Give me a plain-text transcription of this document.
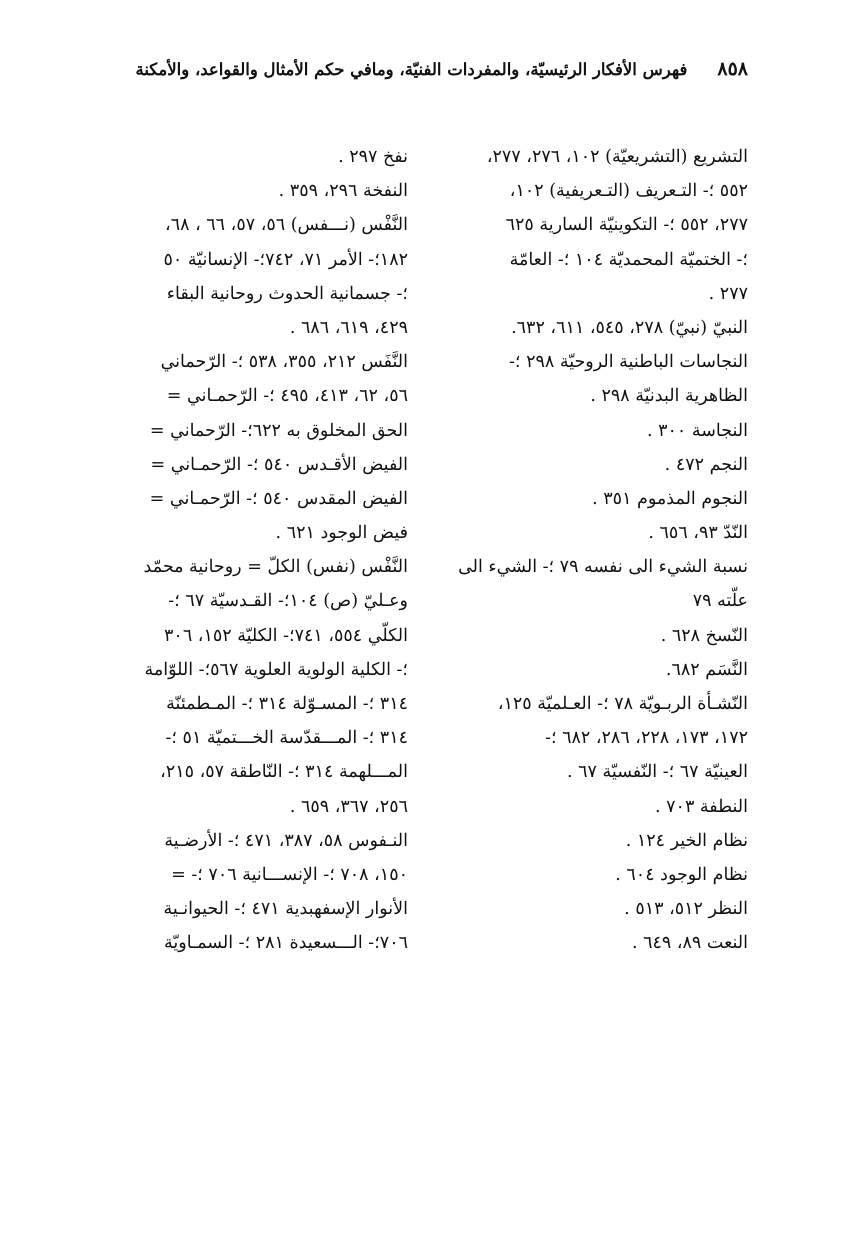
٨٥٨
فهرس الأفكار الرئيسيّة، والمفردات الفنيّة، ومافي حكم الأمثال والقواعد، والأمكنة
التشريع (التشريعيّة) ١٠٢، ٢٧٦، ٢٧٧،
٥٥٢ ؛- التـعريف (التـعريفية) ١٠٢،
٢٧٧، ٥٥٢ ؛- التكوينيّة السارية ٦٢٥
؛- الختميّة المحمديّة ١٠٤ ؛- العامّة
٢٧٧ .
النبيّ (نبيّ) ٢٧٨، ٥٤٥، ٦١١، ٦٣٢.
النجاسات الباطنية الروحيّة ٢٩٨ ؛-
الظاهرية البدنيّة ٢٩٨ .
النجاسة ٣٠٠ .
النجم ٤٧٢ .
النجوم المذموم ٣٥١ .
النّدّ ٩٣، ٦٥٦ .
نسبة الشيء الى نفسه ٧٩ ؛- الشيء الى
علّته ٧٩
النّسخ ٦٢٨ .
النَّسَم ٦٨٢.
النّشـأة الربـويّة ٧٨ ؛- العـلميّة ١٢٥،
١٧٢، ١٧٣، ٢٢٨، ٢٨٦، ٦٨٢ ؛-
العينيّة ٦٧ ؛- النّفسيّة ٦٧ .
النطفة ٧٠٣ .
نظام الخير ١٢٤ .
نظام الوجود ٦٠٤ .
النظر ٥١٢، ٥١٣ .
النعت ٨٩، ٦٤٩ .
نفخ ٢٩٧ .
النفخة ٢٩٦، ٣٥٩ .
النَّفْس (نـــفس) ٥٦، ٥٧، ٦٦ ، ٦٨،
١٨٢؛- الأمر ٧١، ٧٤٢؛- الإنسانيّة ٥٠
؛- جسمانية الحدوث روحانية البقاء
٤٢٩، ٦١٩، ٦٨٦ .
النَّفَس ٢١٢، ٣٥٥، ٥٣٨ ؛- الرّحماني
٥٦، ٦٢، ٤١٣، ٤٩٥ ؛- الرّحمـاني =
الحق المخلوق به ٦٢٢؛- الرّحماني =
الفيض الأقـدس ٥٤٠ ؛- الرّحمـاني =
الفيض المقدس ٥٤٠ ؛- الرّحمـاني =
فيض الوجود ٦٢١ .
النَّفْس (نفس) الكلّ = روحانية محمّد
وعـليّ (ص) ١٠٤؛- القـدسيّة ٦٧ ؛-
الكلّي ٥٥٤، ٧٤١؛- الكليّة ١٥٢، ٣٠٦
؛- الكلية الولوية العلوية ٥٦٧؛- اللوّامة
٣١٤ ؛- المسـوّلة ٣١٤ ؛- المـطمئنّة
٣١٤ ؛- المـــقدّسة الخـــتميّة ٥١ ؛-
المـــلهمة ٣١٤ ؛- النّاطقة ٥٧، ٢١٥،
٢٥٦، ٣٦٧، ٦٥٩ .
النـفوس ٥٨، ٣٨٧، ٤٧١ ؛- الأرضـية
١٥٠، ٧٠٨ ؛- الإنســـانية ٧٠٦ ؛- =
الأنوار الإسفهبدية ٤٧١ ؛- الحيوانـية
٧٠٦؛- الـــسعيدة ٢٨١ ؛- السمـاويّة
